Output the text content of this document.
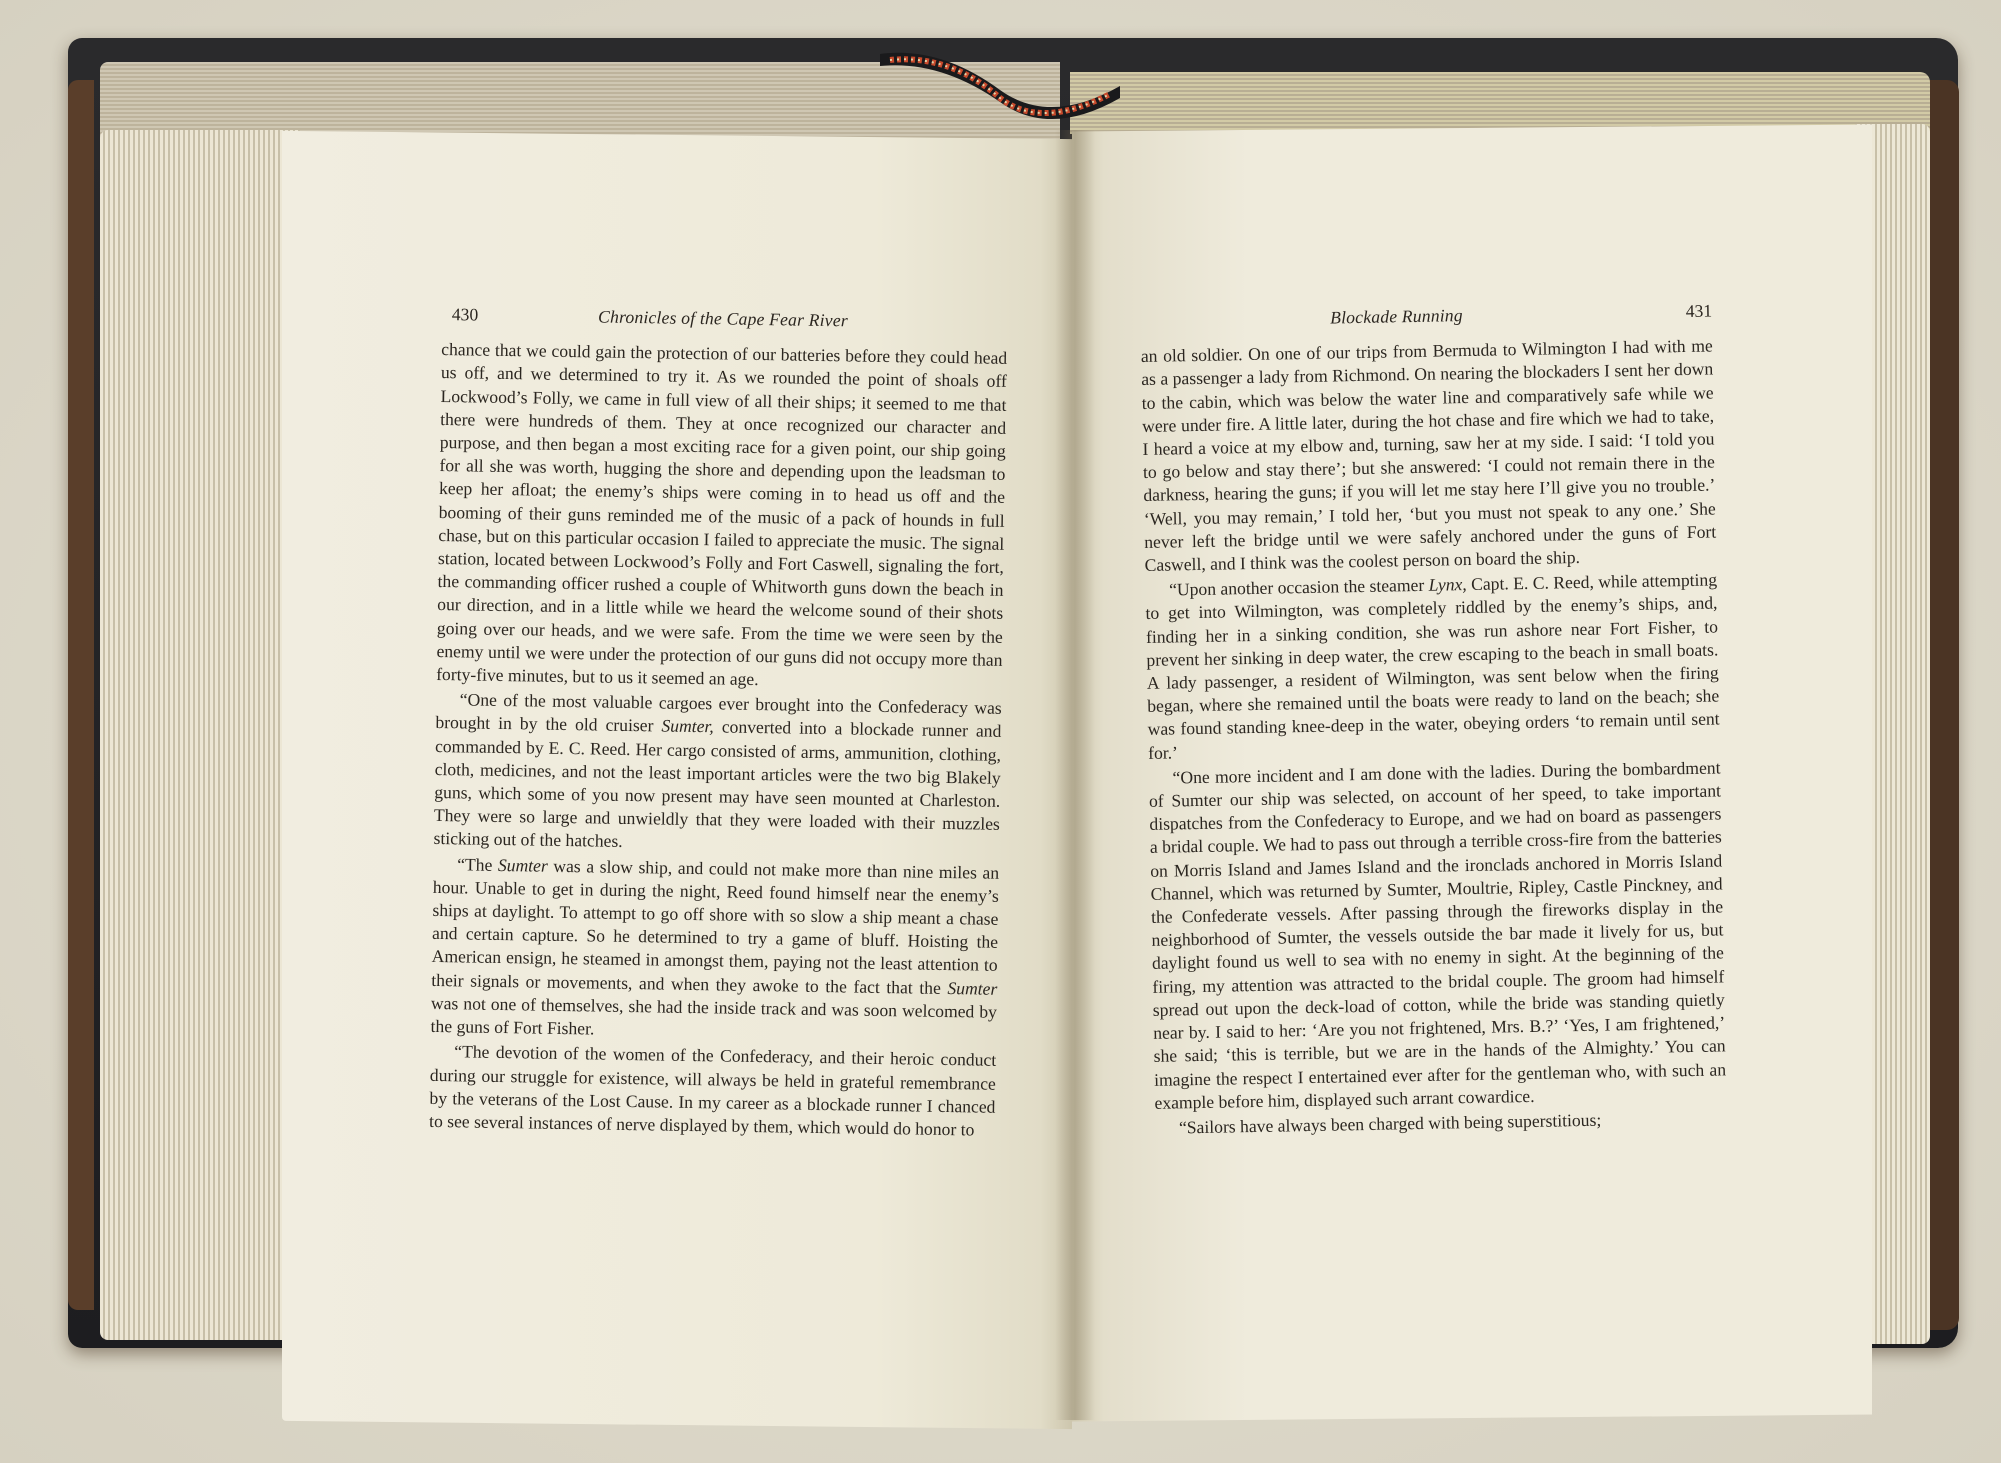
430	Chronicles of the Cape Fear River

chance that we could gain the protection of our batteries before they could head us off, and we determined to try it. As we rounded the point of shoals off Lockwood’s Folly, we came in full view of all their ships; it seemed to me that there were hundreds of them. They at once recognized our character and purpose, and then began a most exciting race for a given point, our ship going for all she was worth, hugging the shore and depending upon the leadsman to keep her afloat; the enemy’s ships were coming in to head us off and the booming of their guns reminded me of the music of a pack of hounds in full chase, but on this particular occasion I failed to appreciate the music. The signal station, located between Lockwood’s Folly and Fort Caswell, signaling the fort, the commanding officer rushed a couple of Whitworth guns down the beach in our direction, and in a little while we heard the welcome sound of their shots going over our heads, and we were safe. From the time we were seen by the enemy until we were under the protection of our guns did not occupy more than forty-five minutes, but to us it seemed an age.

“One of the most valuable cargoes ever brought into the Confederacy was brought in by the old cruiser Sumter, converted into a blockade runner and commanded by E. C. Reed. Her cargo consisted of arms, ammunition, clothing, cloth, medicines, and not the least important articles were the two big Blakely guns, which some of you now present may have seen mounted at Charleston. They were so large and unwieldly that they were loaded with their muzzles sticking out of the hatches.

“The Sumter was a slow ship, and could not make more than nine miles an hour. Unable to get in during the night, Reed found himself near the enemy’s ships at daylight. To attempt to go off shore with so slow a ship meant a chase and certain capture. So he determined to try a game of bluff. Hoisting the American ensign, he steamed in amongst them, paying not the least attention to their signals or movements, and when they awoke to the fact that the Sumter was not one of themselves, she had the inside track and was soon welcomed by the guns of Fort Fisher.

“The devotion of the women of the Confederacy, and their heroic conduct during our struggle for existence, will always be held in grateful remembrance by the veterans of the Lost Cause. In my career as a blockade runner I chanced to see several instances of nerve displayed by them, which would do honor to

Blockade Running	431

an old soldier. On one of our trips from Bermuda to Wilmington I had with me as a passenger a lady from Richmond. On nearing the blockaders I sent her down to the cabin, which was below the water line and comparatively safe while we were under fire. A little later, during the hot chase and fire which we had to take, I heard a voice at my elbow and, turning, saw her at my side. I said: ‘I told you to go below and stay there’; but she answered: ‘I could not remain there in the darkness, hearing the guns; if you will let me stay here I’ll give you no trouble.’ ‘Well, you may remain,’ I told her, ‘but you must not speak to any one.’ She never left the bridge until we were safely anchored under the guns of Fort Caswell, and I think was the coolest person on board the ship.

“Upon another occasion the steamer Lynx, Capt. E. C. Reed, while attempting to get into Wilmington, was completely riddled by the enemy’s ships, and, finding her in a sinking condition, she was run ashore near Fort Fisher, to prevent her sinking in deep water, the crew escaping to the beach in small boats. A lady passenger, a resident of Wilmington, was sent below when the firing began, where she remained until the boats were ready to land on the beach; she was found standing knee-deep in the water, obeying orders ‘to remain until sent for.’

“One more incident and I am done with the ladies. During the bombardment of Sumter our ship was selected, on account of her speed, to take important dispatches from the Confederacy to Europe, and we had on board as passengers a bridal couple. We had to pass out through a terrible cross-fire from the batteries on Morris Island and James Island and the ironclads anchored in Morris Island Channel, which was returned by Sumter, Moultrie, Ripley, Castle Pinckney, and the Confederate vessels. After passing through the fireworks display in the neighborhood of Sumter, the vessels outside the bar made it lively for us, but daylight found us well to sea with no enemy in sight. At the beginning of the firing, my attention was attracted to the bridal couple. The groom had himself spread out upon the deck-load of cotton, while the bride was standing quietly near by. I said to her: ‘Are you not frightened, Mrs. B.?’ ‘Yes, I am frightened,’ she said; ‘this is terrible, but we are in the hands of the Almighty.’ You can imagine the respect I entertained ever after for the gentleman who, with such an example before him, displayed such arrant cowardice.

“Sailors have always been charged with being superstitious;
